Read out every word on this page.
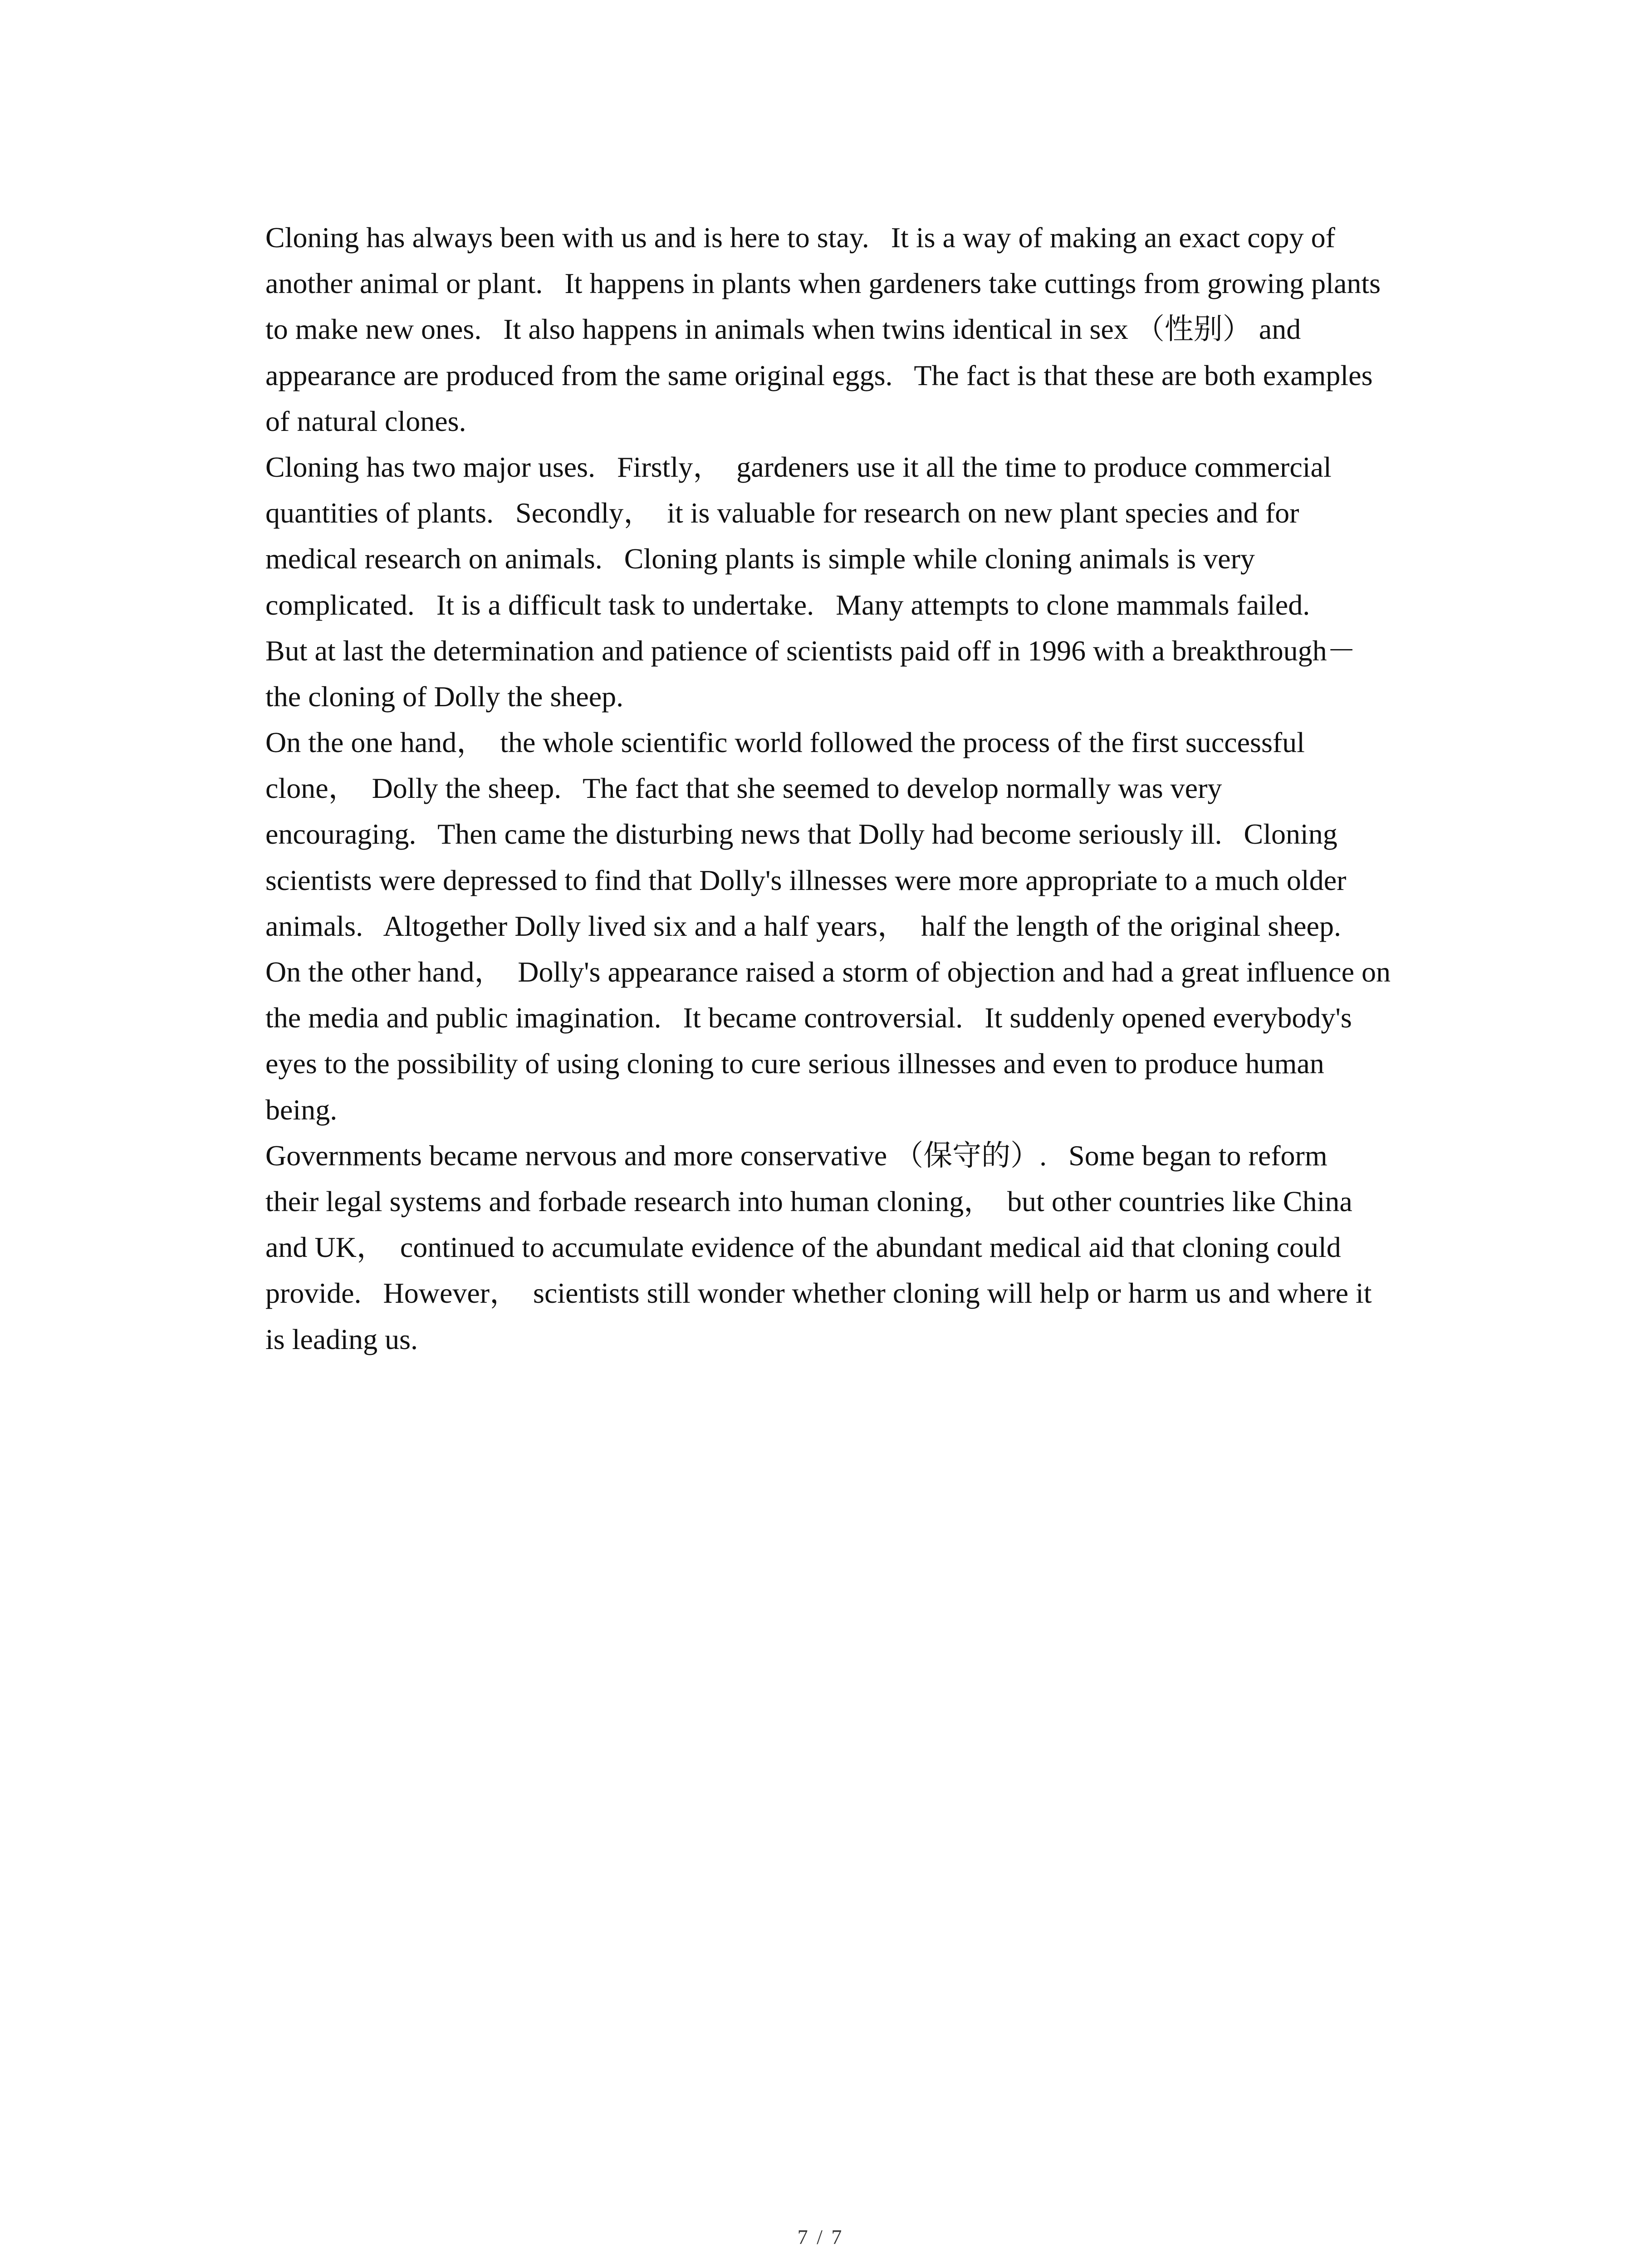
Cloning has always been with us and is here to stay.   It is a way of making an exact copy of
another animal or plant.   It happens in plants when gardeners take cuttings from growing plants
to make new ones.   It also happens in animals when twins identical in sex （性别） and
appearance are produced from the same original eggs.   The fact is that these are both examples
of natural clones.
Cloning has two major uses.   Firstly，  gardeners use it all the time to produce commercial
quantities of plants.   Secondly，  it is valuable for research on new plant species and for
medical research on animals.   Cloning plants is simple while cloning animals is very
complicated.   It is a difficult task to undertake.   Many attempts to clone mammals failed.
But at last the determination and patience of scientists paid off in 1996 with a breakthrough－
the cloning of Dolly the sheep.
On the one hand，  the whole scientific world followed the process of the first successful
clone，  Dolly the sheep.   The fact that she seemed to develop normally was very
encouraging.   Then came the disturbing news that Dolly had become seriously ill.   Cloning
scientists were depressed to find that Dolly's illnesses were more appropriate to a much older
animals.   Altogether Dolly lived six and a half years，  half the length of the original sheep.
On the other hand，  Dolly's appearance raised a storm of objection and had a great influence on
the media and public imagination.   It became controversial.   It suddenly opened everybody's
eyes to the possibility of using cloning to cure serious illnesses and even to produce human
being.
Governments became nervous and more conservative （保守的）.   Some began to reform
their legal systems and forbade research into human cloning，  but other countries like China
and UK，  continued to accumulate evidence of the abundant medical aid that cloning could
provide.   However，  scientists still wonder whether cloning will help or harm us and where it
is leading us.
7 / 7
